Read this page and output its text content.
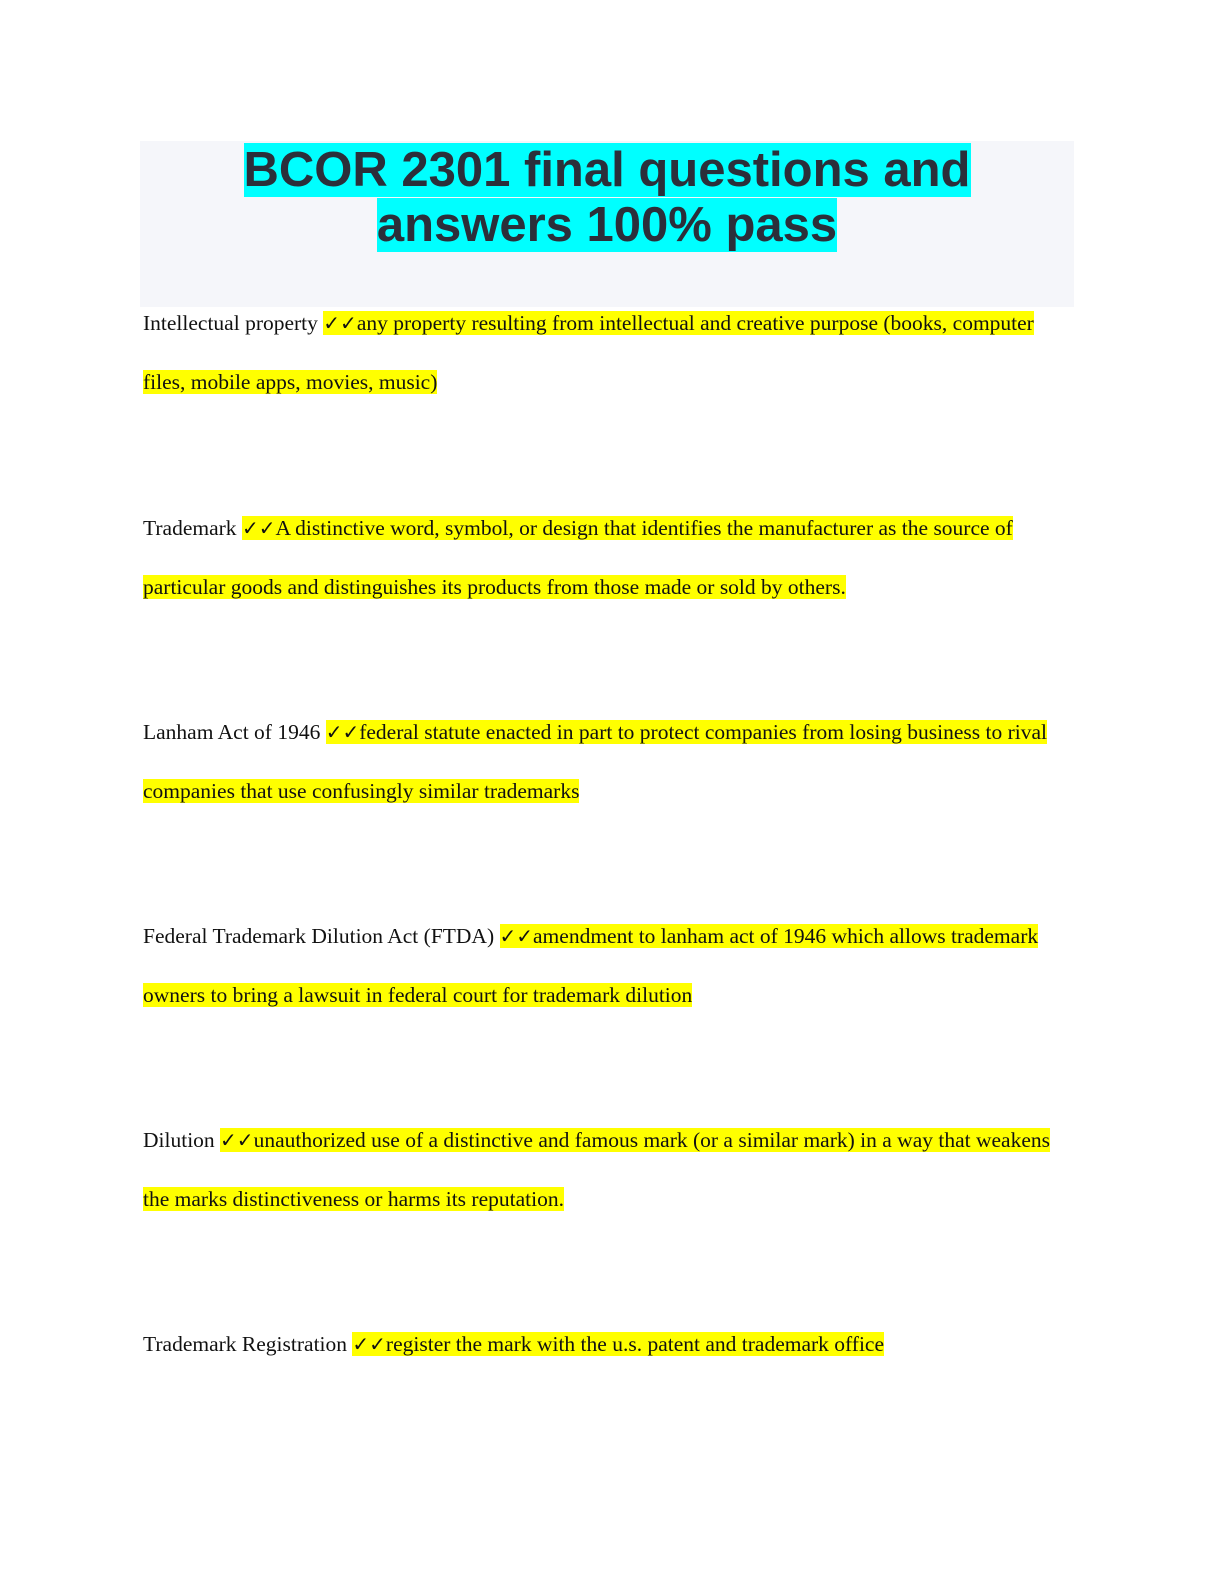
BCOR 2301 final questions and answers 100% pass

Intellectual property ✓✓any property resulting from intellectual and creative purpose (books, computer files, mobile apps, movies, music)

Trademark ✓✓A distinctive word, symbol, or design that identifies the manufacturer as the source of particular goods and distinguishes its products from those made or sold by others.

Lanham Act of 1946 ✓✓federal statute enacted in part to protect companies from losing business to rival companies that use confusingly similar trademarks

Federal Trademark Dilution Act (FTDA) ✓✓amendment to lanham act of 1946 which allows trademark owners to bring a lawsuit in federal court for trademark dilution

Dilution ✓✓unauthorized use of a distinctive and famous mark (or a similar mark) in a way that weakens the marks distinctiveness or harms its reputation.

Trademark Registration ✓✓register the mark with the u.s. patent and trademark office
